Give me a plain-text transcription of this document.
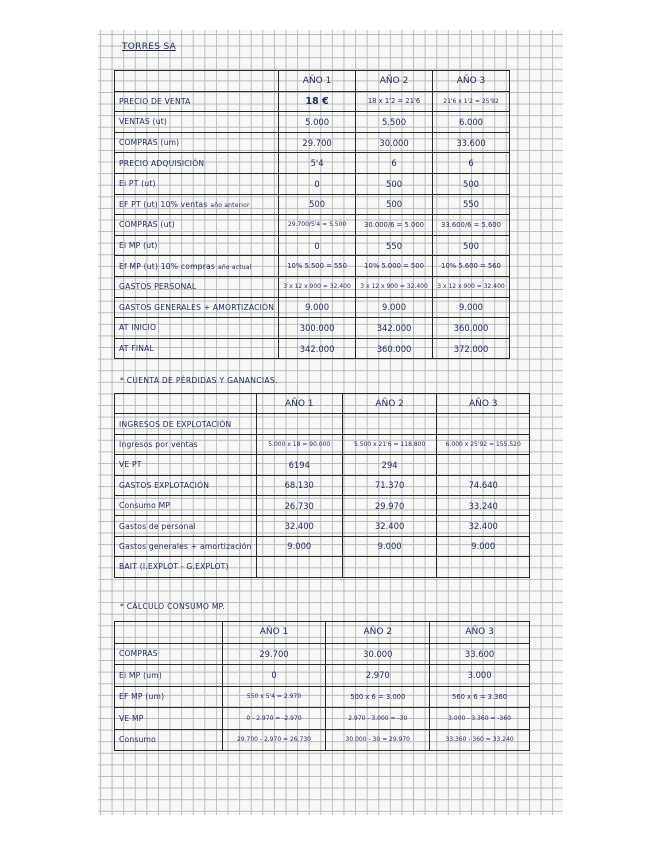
TORRES SA
	AÑO 1	AÑO 2	AÑO 3
PRECIO DE VENTA	18 €	18 x 1'2 = 21'6	21'6 x 1'2 = 25'92
VENTAS (ut)	5.000	5.500	6.000
COMPRAS (um)	29.700	30.000	33.600
PRECIO ADQUISICIÓN	5'4	6	6
Ei PT (ut)	0	500	500
EF PT (ut) 10% ventas año anterior	500	500	550
COMPRAS (ut)	29.700/5'4 = 5.500	30.000/6 = 5.000	33.600/6 = 5.600
Ei MP (ut)	0	550	500
Ef MP (ut) 10% compras año actual	10% 5.500 = 550	10% 5.000 = 500	10% 5.600 = 560
GASTOS PERSONAL	3 x 12 x 900 = 32.400	3 x 12 x 900 = 32.400	3 x 12 x 900 = 32.400
GASTOS GENERALES + AMORTIZACIÓN	9.000	9.000	9.000
AT INICIO	300.000	342.000	360.000
AT FINAL	342.000	360.000	372.000
* CUENTA DE PÉRDIDAS Y GANANCIAS.
	AÑO 1	AÑO 2	AÑO 3
INGRESOS DE EXPLOTACIÓN			
Ingresos por ventas	5.000 x 18 = 90.000	5.500 x 21'6 = 118.800	6.000 x 25'92 = 155.520
VE PT	6194	294	
GASTOS EXPLOTACIÓN	68.130	71.370	74.640
Consumo MP	26.730	29.970	33.240
Gastos de personal	32.400	32.400	32.400
Gastos generales + amortización	9.000	9.000	9.000
BAIT (I.EXPLOT - G.EXPLOT)			
* CÁLCULO CONSUMO MP.
	AÑO 1	AÑO 2	AÑO 3
COMPRAS	29.700	30.000	33.600
Ei MP (um)	0	2.970	3.000
EF MP (um)	550 x 5'4 = 2.970	500 x 6 = 3.000	560 x 6 = 3.360
VE MP	0 - 2.970 = -2.970	2.970 - 3.000 = -30	3.000 - 3.360 = -360
Consumo	29.700 - 2.970 = 26.730	30.000 - 30 = 29.970	33.360 - 360 = 33.240
